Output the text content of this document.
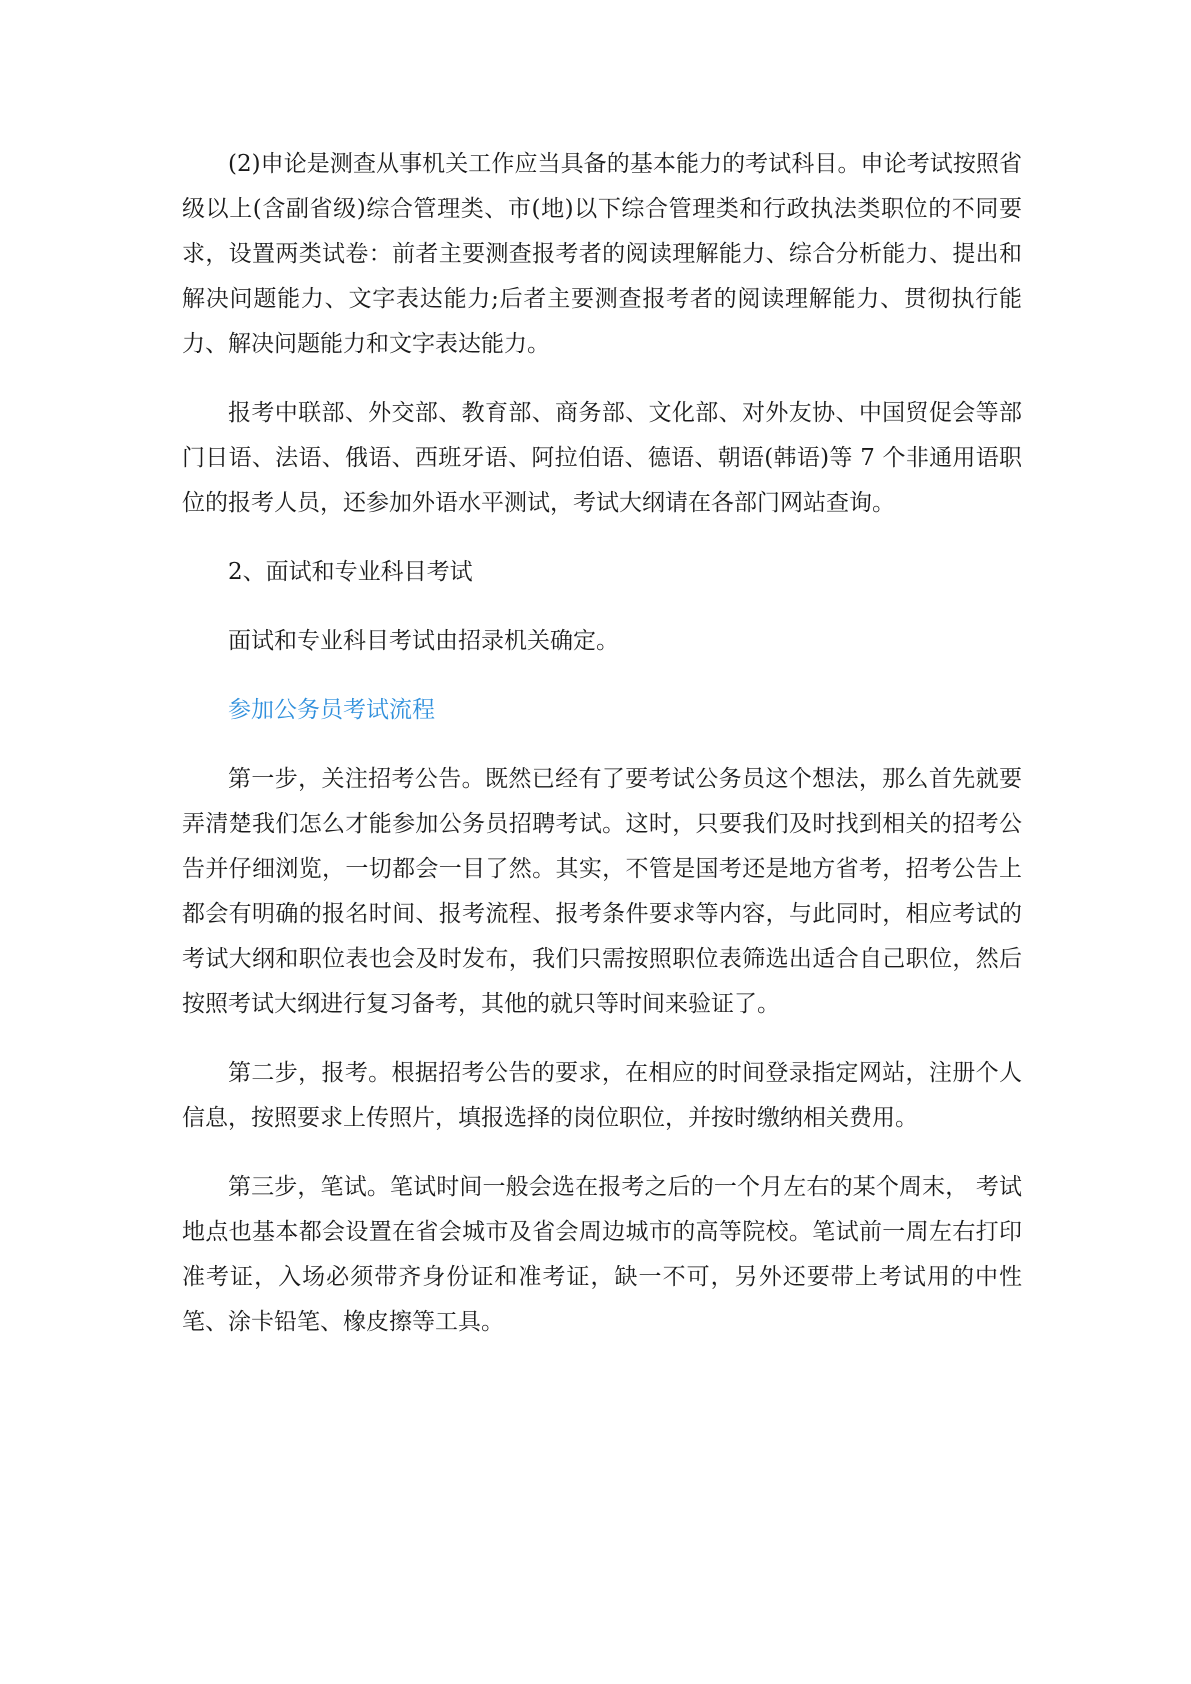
(2)申论是测查从事机关工作应当具备的基本能力的考试科目。申论考试按照省级以上(含副省级)综合管理类、市(地)以下综合管理类和行政执法类职位的不同要求，设置两类试卷：前者主要测查报考者的阅读理解能力、综合分析能力、提出和解决问题能力、文字表达能力;后者主要测查报考者的阅读理解能力、贯彻执行能力、解决问题能力和文字表达能力。

报考中联部、外交部、教育部、商务部、文化部、对外友协、中国贸促会等部门日语、法语、俄语、西班牙语、阿拉伯语、德语、朝语(韩语)等 7 个非通用语职位的报考人员，还参加外语水平测试，考试大纲请在各部门网站查询。

2、面试和专业科目考试

面试和专业科目考试由招录机关确定。

参加公务员考试流程

第一步，关注招考公告。既然已经有了要考试公务员这个想法，那么首先就要弄清楚我们怎么才能参加公务员招聘考试。这时，只要我们及时找到相关的招考公告并仔细浏览，一切都会一目了然。其实，不管是国考还是地方省考，招考公告上都会有明确的报名时间、报考流程、报考条件要求等内容，与此同时，相应考试的考试大纲和职位表也会及时发布，我们只需按照职位表筛选出适合自己职位，然后按照考试大纲进行复习备考，其他的就只等时间来验证了。

第二步，报考。根据招考公告的要求，在相应的时间登录指定网站，注册个人信息，按照要求上传照片，填报选择的岗位职位，并按时缴纳相关费用。

第三步，笔试。笔试时间一般会选在报考之后的一个月左右的某个周末， 考试地点也基本都会设置在省会城市及省会周边城市的高等院校。笔试前一周左右打印准考证，入场必须带齐身份证和准考证，缺一不可，另外还要带上考试用的中性笔、涂卡铅笔、橡皮擦等工具。
